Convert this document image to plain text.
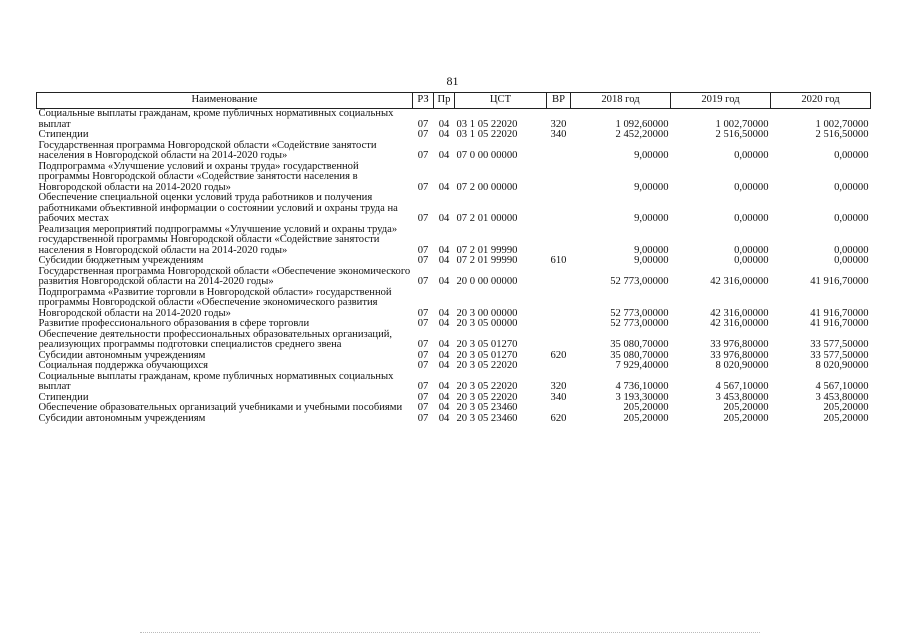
81
Наименование	РЗ	Пр	ЦСТ	ВР	2018 год	2019 год	2020 год
Социальные выплаты гражданам, кроме публичных нормативных социальных выплат	07	04	03 1 05 22020	320	1 092,60000	1 002,70000	1 002,70000
Стипендии	07	04	03 1 05 22020	340	2 452,20000	2 516,50000	2 516,50000
Государственная программа Новгородской области «Содействие занятости населения в Новгородской области на 2014-2020 годы»	07	04	07 0 00 00000		9,00000	0,00000	0,00000
Подпрограмма «Улучшение условий и охраны труда» государственной программы Новгородской области «Содействие занятости населения в Новгородской области на 2014-2020 годы»	07	04	07 2 00 00000		9,00000	0,00000	0,00000
Обеспечение специальной оценки условий труда работников и получения работниками объективной информации о состоянии условий и охраны труда на рабочих местах	07	04	07 2 01 00000		9,00000	0,00000	0,00000
Реализация мероприятий подпрограммы «Улучшение условий и охраны труда» государственной программы Новгородской области «Содействие занятости населения в Новгородской области на 2014-2020 годы»	07	04	07 2 01 99990		9,00000	0,00000	0,00000
Субсидии бюджетным учреждениям	07	04	07 2 01 99990	610	9,00000	0,00000	0,00000
Государственная программа Новгородской области «Обеспечение экономического развития Новгородской области на 2014-2020 годы»	07	04	20 0 00 00000		52 773,00000	42 316,00000	41 916,70000
Подпрограмма «Развитие торговли в Новгородской области» государственной программы Новгородской области «Обеспечение экономического развития Новгородской области на 2014-2020 годы»	07	04	20 3 00 00000		52 773,00000	42 316,00000	41 916,70000
Развитие профессионального образования в сфере торговли	07	04	20 3 05 00000		52 773,00000	42 316,00000	41 916,70000
Обеспечение деятельности профессиональных образовательных организаций, реализующих программы подготовки специалистов среднего звена	07	04	20 3 05 01270		35 080,70000	33 976,80000	33 577,50000
Субсидии автономным учреждениям	07	04	20 3 05 01270	620	35 080,70000	33 976,80000	33 577,50000
Социальная поддержка обучающихся	07	04	20 3 05 22020		7 929,40000	8 020,90000	8 020,90000
Социальные выплаты гражданам, кроме публичных нормативных социальных выплат	07	04	20 3 05 22020	320	4 736,10000	4 567,10000	4 567,10000
Стипендии	07	04	20 3 05 22020	340	3 193,30000	3 453,80000	3 453,80000
Обеспечение образовательных организаций учебниками и учебными пособиями	07	04	20 3 05 23460		205,20000	205,20000	205,20000
Субсидии автономным учреждениям	07	04	20 3 05 23460	620	205,20000	205,20000	205,20000
